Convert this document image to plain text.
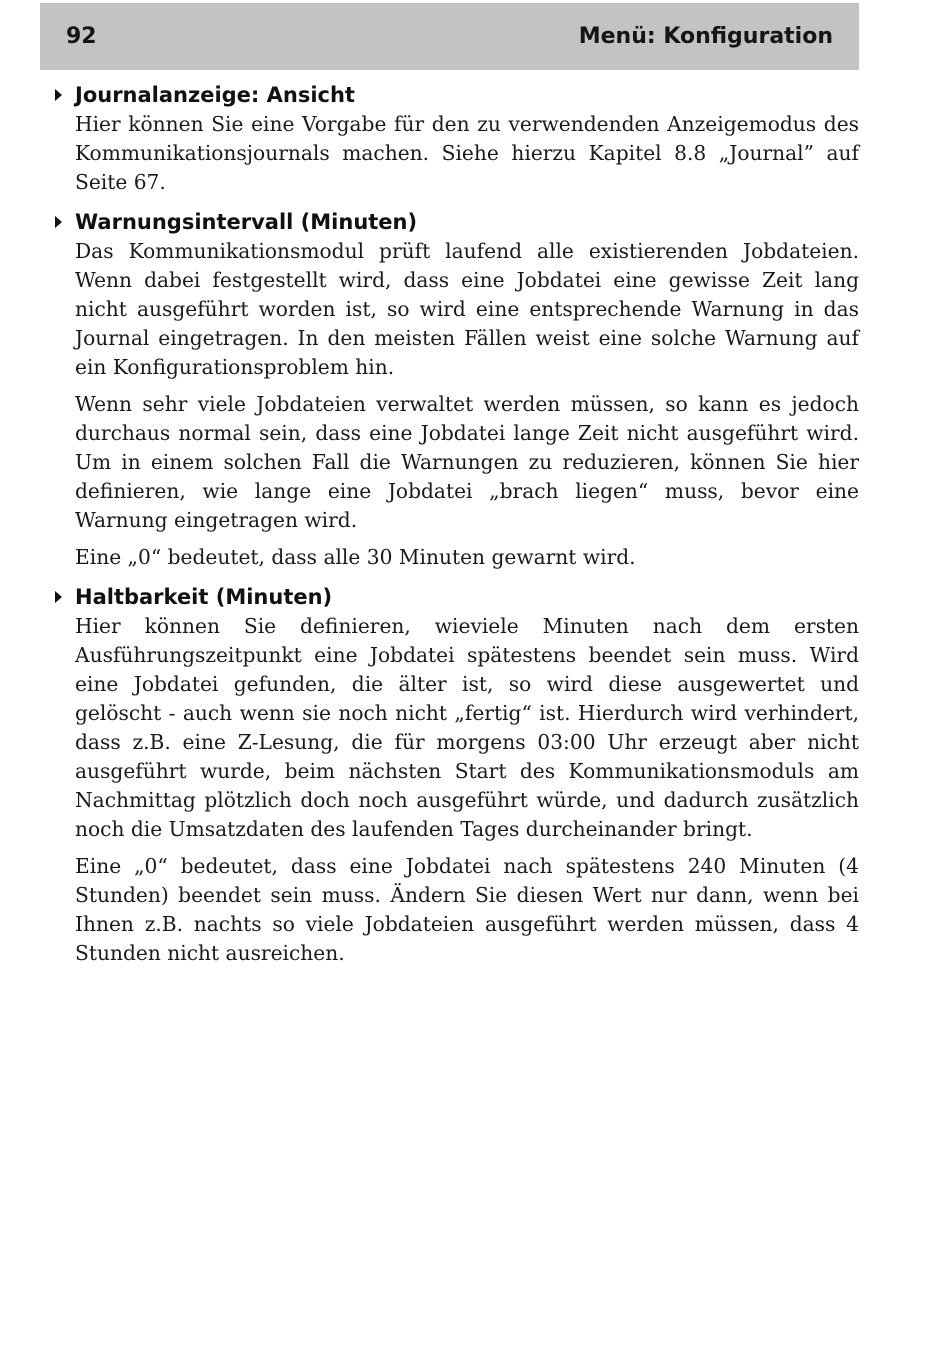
92	Menü: Konfiguration
Journalanzeige: Ansicht

Hier können Sie eine Vorgabe für den zu verwendenden Anzeigemodus des Kommunikationsjournals machen. Siehe hierzu Kapitel 8.8 „Journal” auf Seite 67.

Warnungsintervall (Minuten)

Das Kommunikationsmodul prüft laufend alle existierenden Jobdateien. Wenn dabei festgestellt wird, dass eine Jobdatei eine gewisse Zeit lang nicht ausgeführt worden ist, so wird eine entsprechende Warnung in das Journal eingetragen. In den meisten Fällen weist eine solche Warnung auf ein Konfigurationsproblem hin.

Wenn sehr viele Jobdateien verwaltet werden müssen, so kann es jedoch durchaus normal sein, dass eine Jobdatei lange Zeit nicht ausgeführt wird. Um in einem solchen Fall die Warnungen zu reduzieren, können Sie hier definieren, wie lange eine Jobdatei „brach liegen“ muss, bevor eine Warnung eingetragen wird.

Eine „0“ bedeutet, dass alle 30 Minuten gewarnt wird.

Haltbarkeit (Minuten)

Hier können Sie definieren, wieviele Minuten nach dem ersten Ausführungszeitpunkt eine Jobdatei spätestens beendet sein muss. Wird eine Jobdatei gefunden, die älter ist, so wird diese ausgewertet und gelöscht - auch wenn sie noch nicht „fertig“ ist. Hierdurch wird verhindert, dass z.B. eine Z-Lesung, die für morgens 03:00 Uhr erzeugt aber nicht ausgeführt wurde, beim nächsten Start des Kommunikationsmoduls am Nachmittag plötzlich doch noch ausgeführt würde, und dadurch zusätzlich noch die Umsatzdaten des laufenden Tages durcheinander bringt.

Eine „0“ bedeutet, dass eine Jobdatei nach spätestens 240 Minuten (4 Stunden) beendet sein muss. Ändern Sie diesen Wert nur dann, wenn bei Ihnen z.B. nachts so viele Jobdateien ausgeführt werden müssen, dass 4 Stunden nicht ausreichen.
